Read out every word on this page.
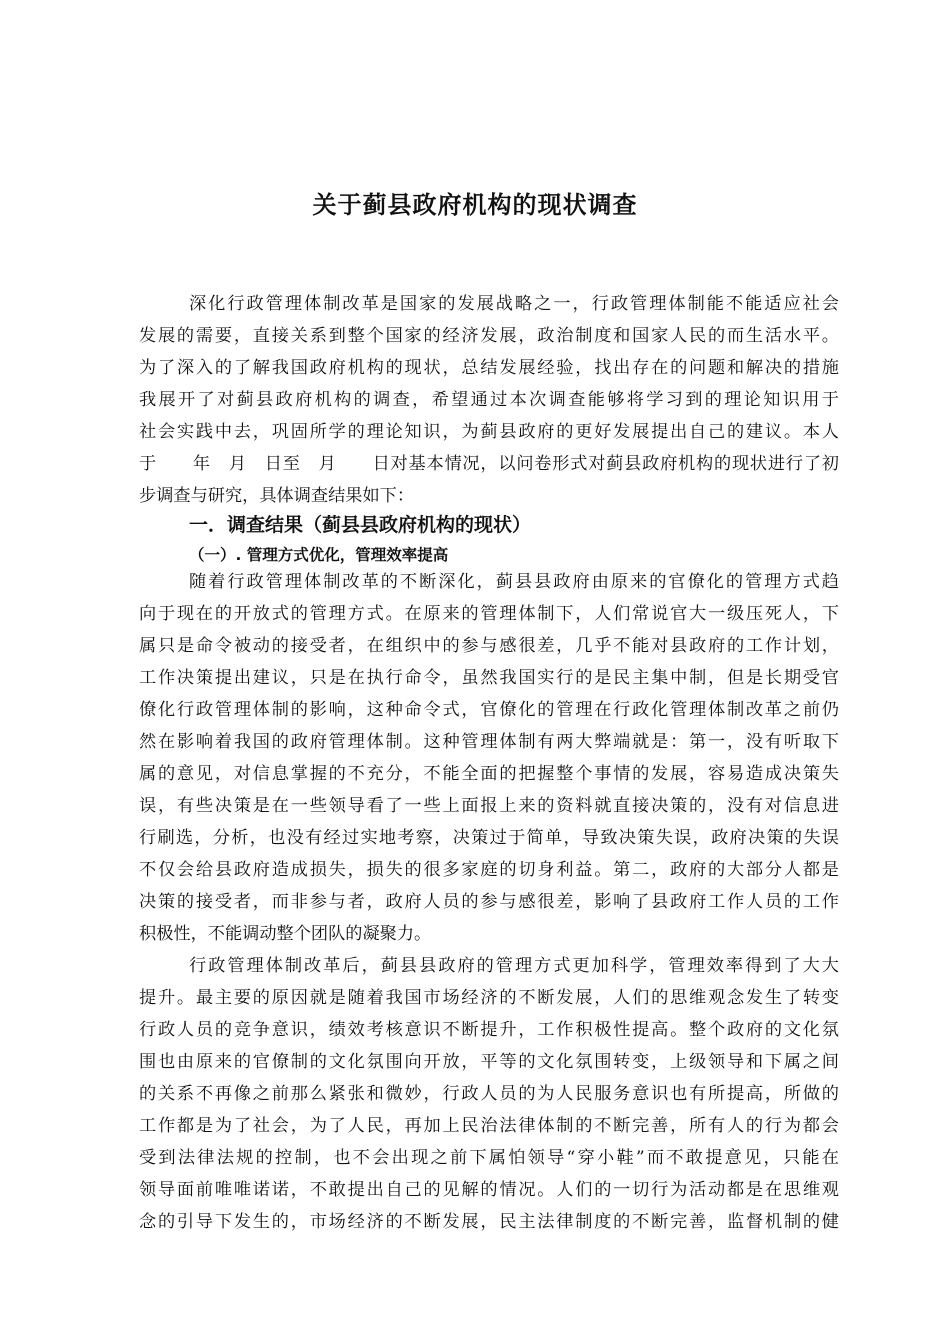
关于蓟县政府机构的现状调查

深化行政管理体制改革是国家的发展战略之一，行政管理体制能不能适应社会

发展的需要，直接关系到整个国家的经济发展，政治制度和国家人民的而生活水平。

为了深入的了解我国政府机构的现状，总结发展经验，找出存在的问题和解决的措施

我展开了对蓟县政府机构的调查，希望通过本次调查能够将学习到的理论知识用于

社会实践中去，巩固所学的理论知识，为蓟县政府的更好发展提出自己的建议。本人

于　　年　月　日至　月　　日对基本情况，以问卷形式对蓟县政府机构的现状进行了初

步调查与研究，具体调查结果如下：

一．调查结果（蓟县县政府机构的现状）
（一）. 管理方式优化，管理效率提高

随着行政管理体制改革的不断深化，蓟县县政府由原来的官僚化的管理方式趋

向于现在的开放式的管理方式。在原来的管理体制下，人们常说官大一级压死人，下

属只是命令被动的接受者，在组织中的参与感很差，几乎不能对县政府的工作计划，

工作决策提出建议，只是在执行命令，虽然我国实行的是民主集中制，但是长期受官

僚化行政管理体制的影响，这种命令式，官僚化的管理在行政化管理体制改革之前仍

然在影响着我国的政府管理体制。这种管理体制有两大弊端就是：第一，没有听取下

属的意见，对信息掌握的不充分，不能全面的把握整个事情的发展，容易造成决策失

误，有些决策是在一些领导看了一些上面报上来的资料就直接决策的，没有对信息进

行刷选，分析，也没有经过实地考察，决策过于简单，导致决策失误，政府决策的失误

不仅会给县政府造成损失，损失的很多家庭的切身利益。第二，政府的大部分人都是

决策的接受者，而非参与者，政府人员的参与感很差，影响了县政府工作人员的工作

积极性，不能调动整个团队的凝聚力。

行政管理体制改革后，蓟县县政府的管理方式更加科学，管理效率得到了大大

提升。最主要的原因就是随着我国市场经济的不断发展，人们的思维观念发生了转变

行政人员的竞争意识，绩效考核意识不断提升，工作积极性提高。整个政府的文化氛

围也由原来的官僚制的文化氛围向开放，平等的文化氛围转变，上级领导和下属之间

的关系不再像之前那么紧张和微妙，行政人员的为人民服务意识也有所提高，所做的

工作都是为了社会，为了人民，再加上民治法律体制的不断完善，所有人的行为都会

受到法律法规的控制，也不会出现之前下属怕领导“穿小鞋”而不敢提意见，只能在

领导面前唯唯诺诺，不敢提出自己的见解的情况。人们的一切行为活动都是在思维观

念的引导下发生的，市场经济的不断发展，民主法律制度的不断完善，监督机制的健
